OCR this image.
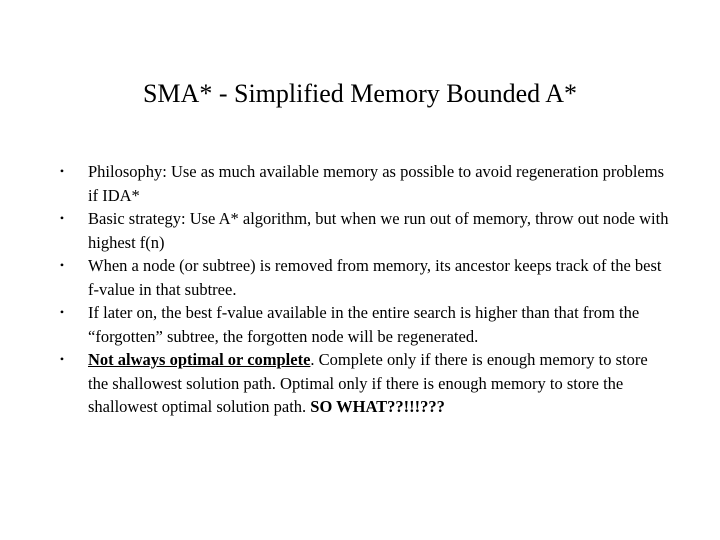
SMA* - Simplified Memory Bounded A*
• Philosophy: Use as much available memory as possible to avoid regeneration problems if IDA*
• Basic strategy: Use A* algorithm, but when we run out of memory, throw out node with highest f(n)
• When a node (or subtree) is removed from memory, its ancestor keeps track of the best f-value in that subtree.
• If later on, the best f-value available in the entire search is higher than that from the “forgotten” subtree, the forgotten node will be regenerated.
• Not always optimal or complete. Complete only if there is enough memory to store the shallowest solution path. Optimal only if there is enough memory to store the shallowest optimal solution path. SO WHAT??!!!???
